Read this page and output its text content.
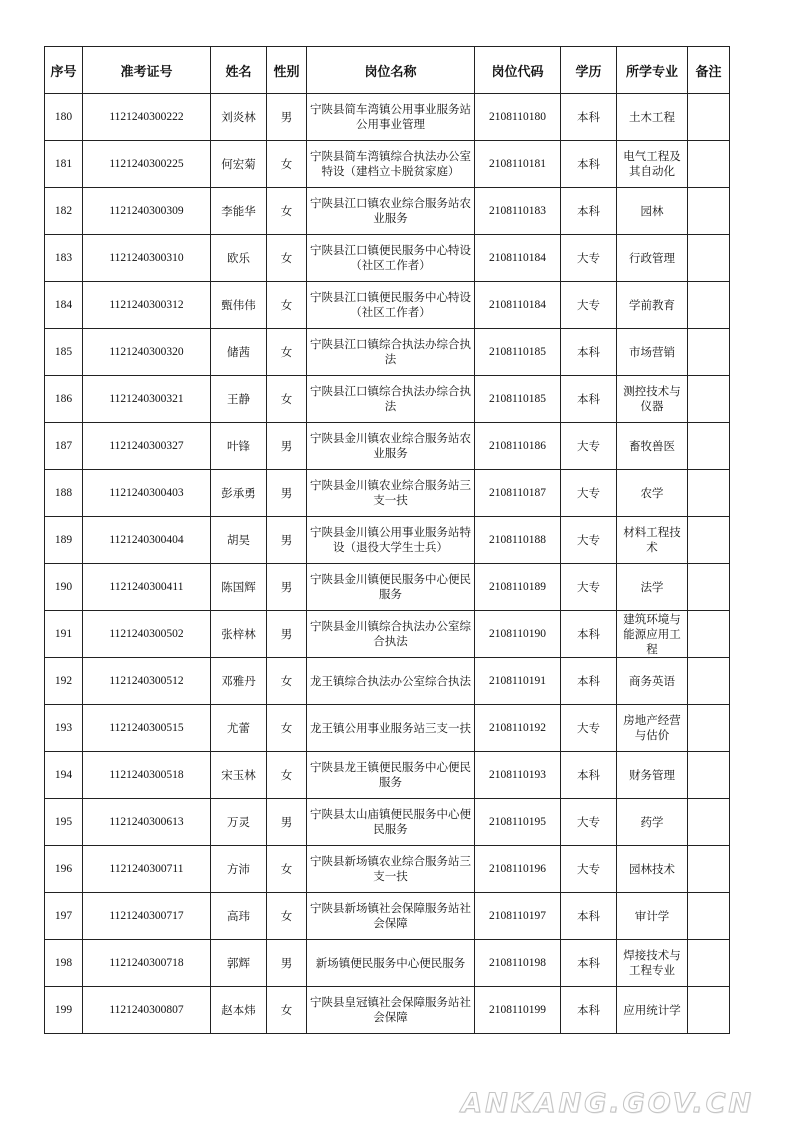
序号	准考证号	姓名	性别	岗位名称	岗位代码	学历	所学专业	备注
180	1121240300222	刘炎林	男	宁陕县简车湾镇公用事业服务站公用事业管理	2108110180	本科	土木工程	
181	1121240300225	何宏菊	女	宁陕县简车湾镇综合执法办公室特设（建档立卡脱贫家庭）	2108110181	本科	电气工程及其自动化	
182	1121240300309	李能华	女	宁陕县江口镇农业综合服务站农业服务	2108110183	本科	园林	
183	1121240300310	欧乐	女	宁陕县江口镇便民服务中心特设（社区工作者）	2108110184	大专	行政管理	
184	1121240300312	甄伟伟	女	宁陕县江口镇便民服务中心特设（社区工作者）	2108110184	大专	学前教育	
185	1121240300320	储茜	女	宁陕县江口镇综合执法办综合执法	2108110185	本科	市场营销	
186	1121240300321	王静	女	宁陕县江口镇综合执法办综合执法	2108110185	本科	测控技术与仪器	
187	1121240300327	叶锋	男	宁陕县金川镇农业综合服务站农业服务	2108110186	大专	畜牧兽医	
188	1121240300403	彭承勇	男	宁陕县金川镇农业综合服务站三支一扶	2108110187	大专	农学	
189	1121240300404	胡昊	男	宁陕县金川镇公用事业服务站特设（退役大学生士兵）	2108110188	大专	材料工程技术	
190	1121240300411	陈国辉	男	宁陕县金川镇便民服务中心便民服务	2108110189	大专	法学	
191	1121240300502	张梓林	男	宁陕县金川镇综合执法办公室综合执法	2108110190	本科	建筑环境与能源应用工程	
192	1121240300512	邓雅丹	女	龙王镇综合执法办公室综合执法	2108110191	本科	商务英语	
193	1121240300515	尤蕾	女	龙王镇公用事业服务站三支一扶	2108110192	大专	房地产经营与估价	
194	1121240300518	宋玉林	女	宁陕县龙王镇便民服务中心便民服务	2108110193	本科	财务管理	
195	1121240300613	万灵	男	宁陕县太山庙镇便民服务中心便民服务	2108110195	大专	药学	
196	1121240300711	方沛	女	宁陕县新场镇农业综合服务站三支一扶	2108110196	大专	园林技术	
197	1121240300717	高玮	女	宁陕县新场镇社会保障服务站社会保障	2108110197	本科	审计学	
198	1121240300718	郭辉	男	新场镇便民服务中心便民服务	2108110198	本科	焊接技术与工程专业	
199	1121240300807	赵本炜	女	宁陕县皇冠镇社会保障服务站社会保障	2108110199	本科	应用统计学	
ANKANG.GOV.CN
